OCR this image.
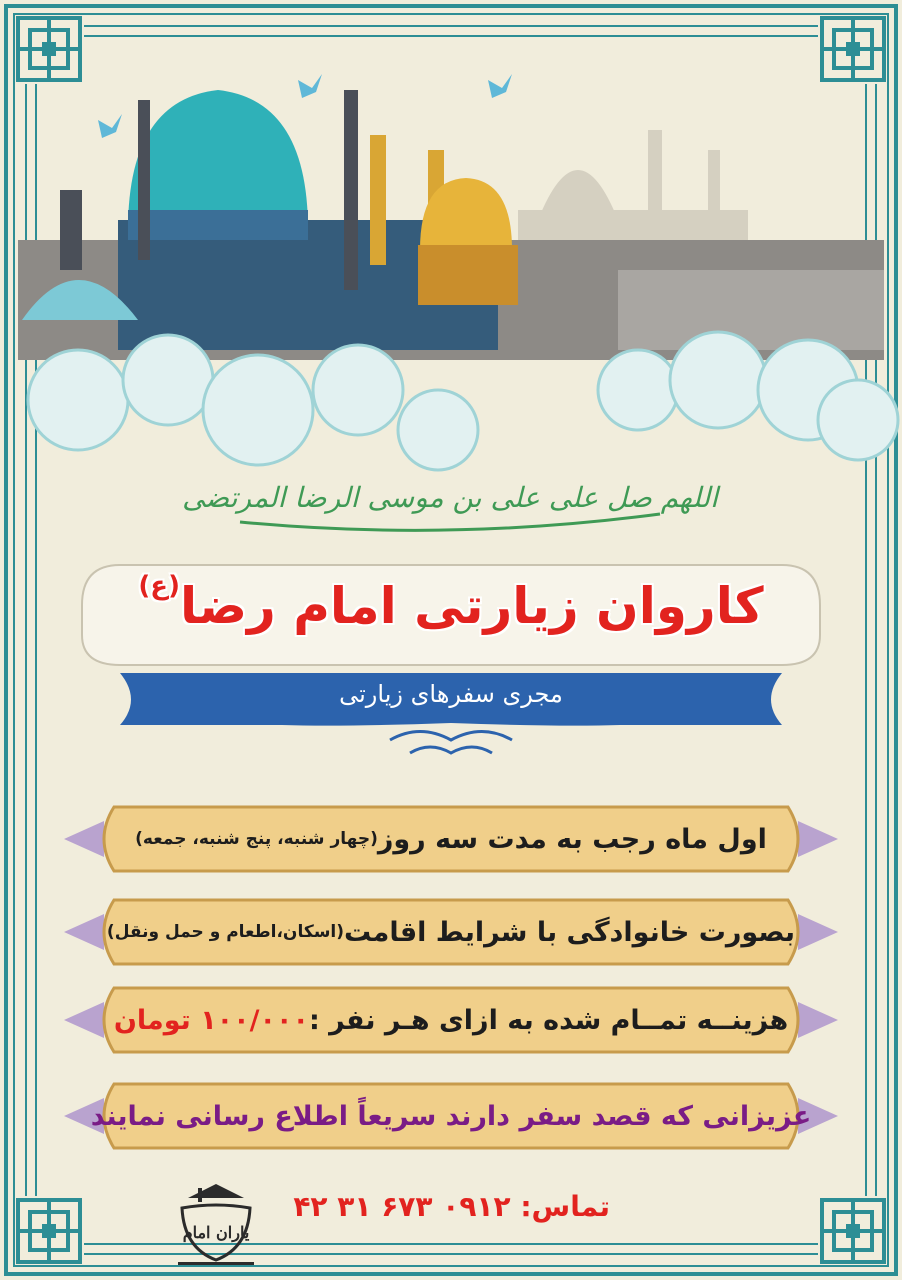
اللهم صل علی علی بن موسی الرضا المرتضی
کاروان زیارتی امام رضا$^{(ع)}$
مجری سفرهای زیارتی
اول ماه رجب به مدت سه روز
(چهار شنبه، پنج شنبه، جمعه)
بصورت خانوادگی با شرایط اقامت
(اسکان،اطعام و حمل ونقل)
هزینــه تمــام شده به ازای هـر نفر :
۱۰۰/۰۰۰ تومان
عزیزانی که قصد سفر دارند سریعاً اطلاع رسانی نمایند
تماس: ۰۹۱۲ ۶۷۳ ۳۱ ۴۲
یاران امام
